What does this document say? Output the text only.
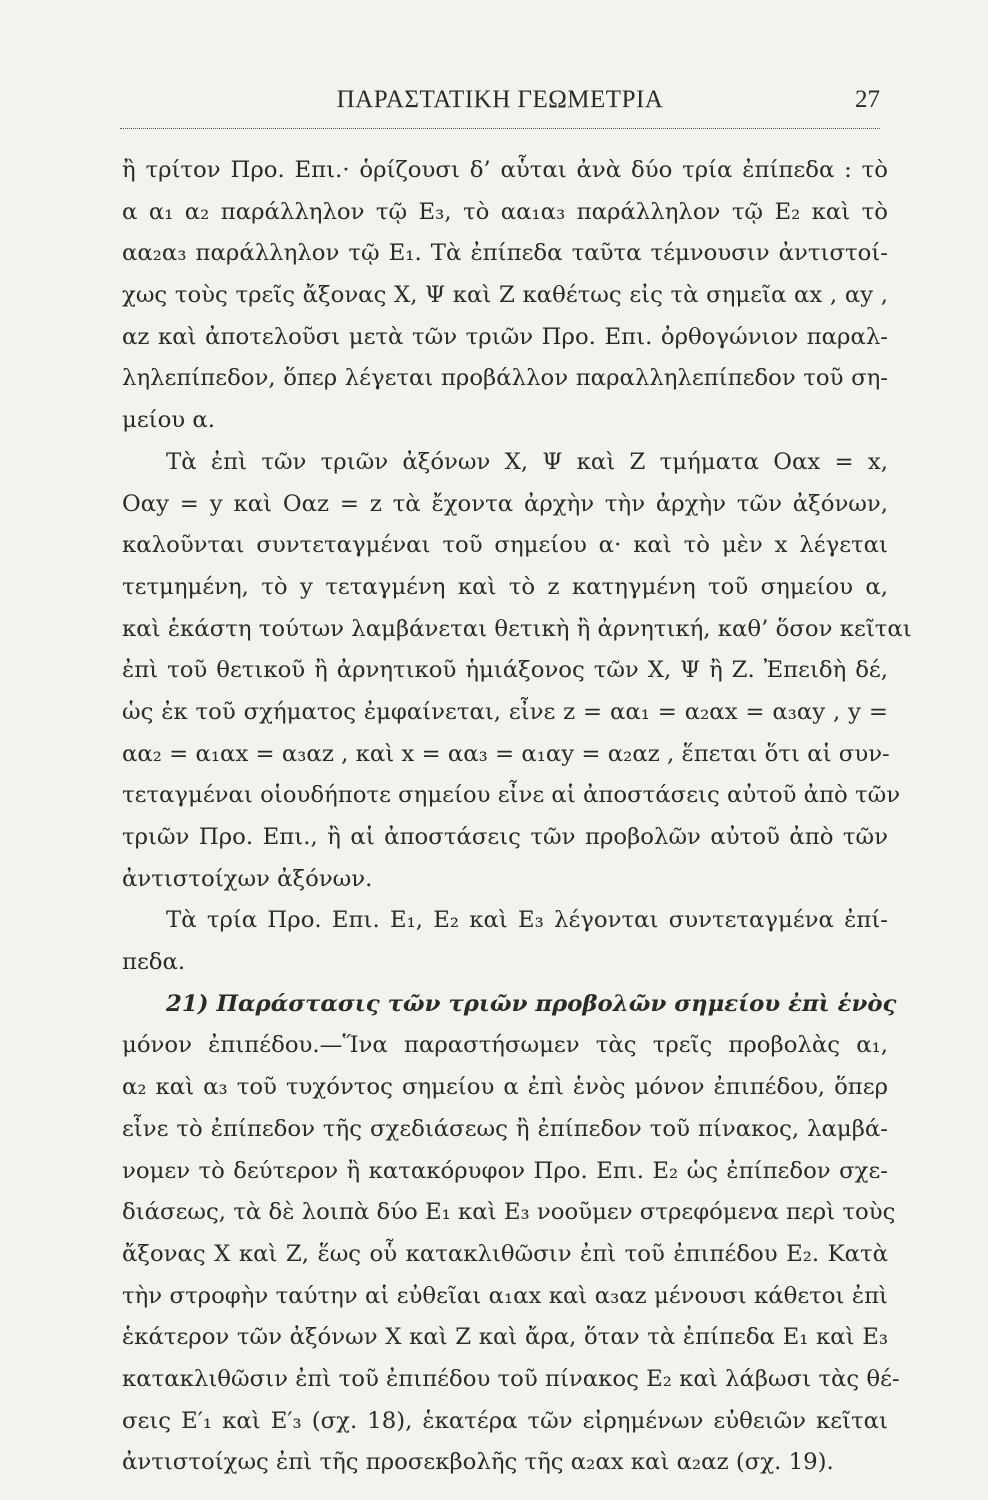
ΠΑΡΑΣΤΑΤΙΚΗ ΓΕΩΜΕΤΡΙΑ	27
ἢ τρίτον Προ. Επι.· ὁρίζουσι δ’ αὗται ἀνὰ δύο τρία ἐπίπεδα : τὸ
α α₁ α₂ παράλληλον τῷ Ε₃, τὸ αα₁α₃ παράλληλον τῷ Ε₂ καὶ τὸ
αα₂α₃ παράλληλον τῷ Ε₁. Τὰ ἐπίπεδα ταῦτα τέμνουσιν ἀντιστοί-
χως τοὺς τρεῖς ἄξονας Χ, Ψ καὶ Ζ καθέτως εἰς τὰ σημεῖα αx , αy ,
αz καὶ ἀποτελοῦσι μετὰ τῶν τριῶν Προ. Επι. ὀρθογώνιον παραλ-
ληλεπίπεδον, ὅπερ λέγεται προβάλλον παραλληλεπίπεδον τοῦ ση-
μείου α.
Τὰ ἐπὶ τῶν τριῶν ἀξόνων Χ, Ψ καὶ Ζ τμήματα Οαx = x,
Οαy = y καὶ Οαz = z τὰ ἔχοντα ἀρχὴν τὴν ἀρχὴν τῶν ἀξόνων,
καλοῦνται συντεταγμέναι τοῦ σημείου α· καὶ τὸ μὲν x λέγεται
τετμημένη, τὸ y τεταγμένη καὶ τὸ z κατηγμένη τοῦ σημείου α,
καὶ ἑκάστη τούτων λαμβάνεται θετικὴ ἢ ἀρνητική, καθ’ ὅσον κεῖται
ἐπὶ τοῦ θετικοῦ ἢ ἀρνητικοῦ ἡμιάξονος τῶν Χ, Ψ ἢ Ζ. Ἐπειδὴ δέ,
ὡς ἐκ τοῦ σχήματος ἐμφαίνεται, εἶνε z = αα₁ = α₂αx = α₃αy , y =
αα₂ = α₁αx = α₃αz , καὶ x = αα₃ = α₁αy = α₂αz , ἕπεται ὅτι αἱ συν-
τεταγμέναι οἱουδήποτε σημείου εἶνε αἱ ἀποστάσεις αὐτοῦ ἀπὸ τῶν
τριῶν Προ. Επι., ἢ αἱ ἀποστάσεις τῶν προβολῶν αὐτοῦ ἀπὸ τῶν
ἀντιστοίχων ἀξόνων.
Τὰ τρία Προ. Επι. Ε₁, Ε₂ καὶ Ε₃ λέγονται συντεταγμένα ἐπί-
πεδα.
21) Παράστασις τῶν τριῶν προβολῶν σημείου ἐπὶ ἑνὸς
μόνον ἐπιπέδου.—Ἵνα παραστήσωμεν τὰς τρεῖς προβολὰς α₁,
α₂ καὶ α₃ τοῦ τυχόντος σημείου α ἐπὶ ἑνὸς μόνον ἐπιπέδου, ὅπερ
εἶνε τὸ ἐπίπεδον τῆς σχεδιάσεως ἢ ἐπίπεδον τοῦ πίνακος, λαμβά-
νομεν τὸ δεύτερον ἢ κατακόρυφον Προ. Επι. Ε₂ ὡς ἐπίπεδον σχε-
διάσεως, τὰ δὲ λοιπὰ δύο Ε₁ καὶ Ε₃ νοοῦμεν στρεφόμενα περὶ τοὺς
ἄξονας Χ καὶ Ζ, ἕως οὗ κατακλιθῶσιν ἐπὶ τοῦ ἐπιπέδου Ε₂. Κατὰ
τὴν στροφὴν ταύτην αἱ εὐθεῖαι α₁αx καὶ α₃αz μένουσι κάθετοι ἐπὶ
ἑκάτερον τῶν ἀξόνων Χ καὶ Ζ καὶ ἄρα, ὅταν τὰ ἐπίπεδα Ε₁ καὶ Ε₃
κατακλιθῶσιν ἐπὶ τοῦ ἐπιπέδου τοῦ πίνακος Ε₂ καὶ λάβωσι τὰς θέ-
σεις Ε′₁ καὶ Ε′₃ (σχ. 18), ἑκατέρα τῶν εἰρημένων εὐθειῶν κεῖται
ἀντιστοίχως ἐπὶ τῆς προσεκβολῆς τῆς α₂αx καὶ α₂αz (σχ. 19).
